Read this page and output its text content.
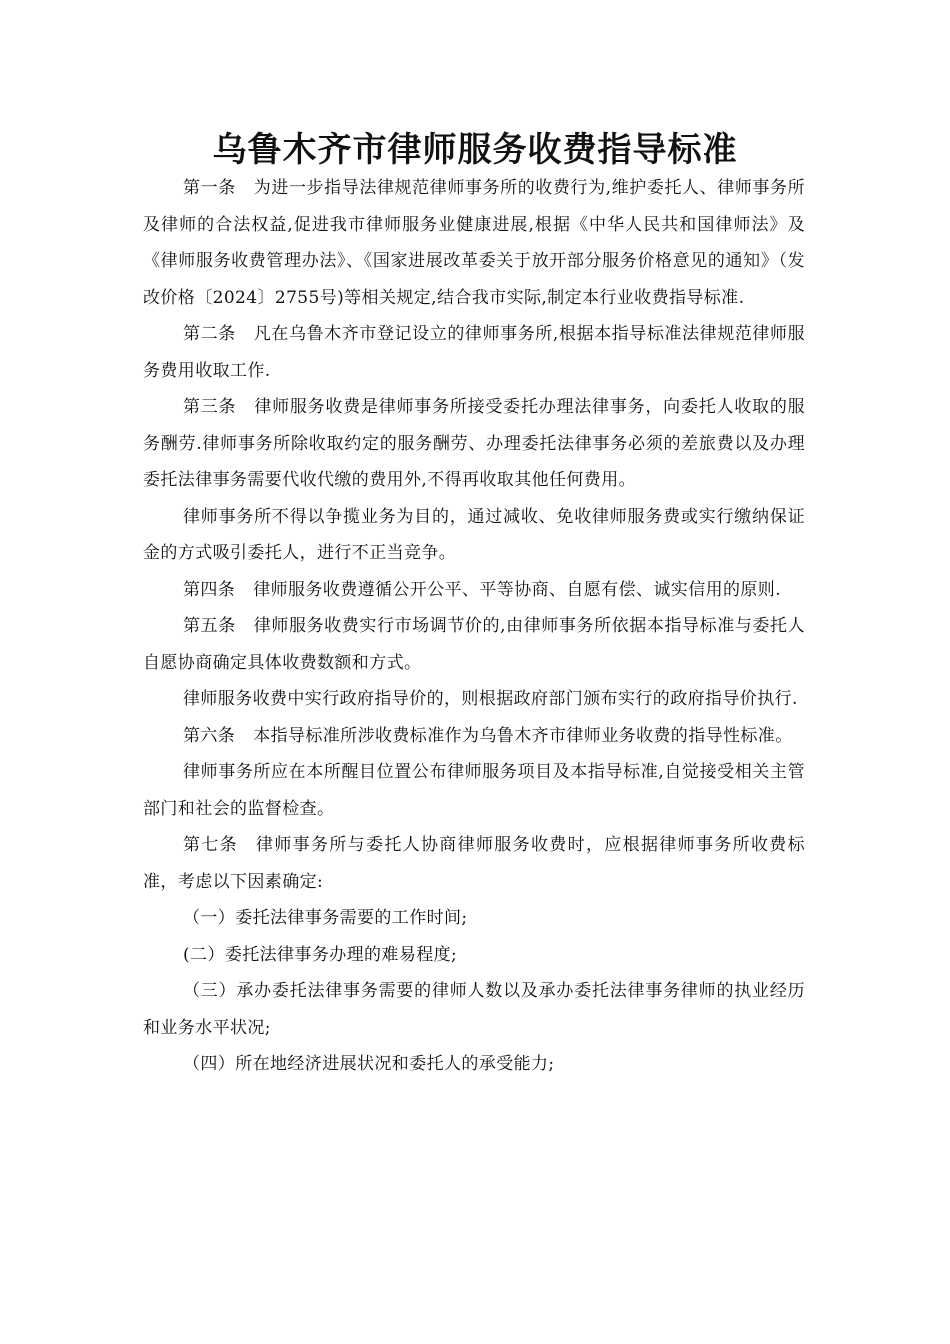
乌鲁木齐市律师服务收费指导标准

第一条 为进一步指导法律规范律师事务所的收费行为,维护委托人、律师事务所及律师的合法权益,促进我市律师服务业健康进展,根据《中华人民共和国律师法》及《律师服务收费管理办法》、《国家进展改革委关于放开部分服务价格意见的通知》（发改价格〔2024〕2755号)等相关规定,结合我市实际,制定本行业收费指导标准.

第二条 凡在乌鲁木齐市登记设立的律师事务所,根据本指导标准法律规范律师服务费用收取工作.

第三条 律师服务收费是律师事务所接受委托办理法律事务，向委托人收取的服务酬劳.律师事务所除收取约定的服务酬劳、办理委托法律事务必须的差旅费以及办理委托法律事务需要代收代缴的费用外,不得再收取其他任何费用。

律师事务所不得以争揽业务为目的，通过减收、免收律师服务费或实行缴纳保证金的方式吸引委托人，进行不正当竞争。

第四条 律师服务收费遵循公开公平、平等协商、自愿有偿、诚实信用的原则.

第五条 律师服务收费实行市场调节价的,由律师事务所依据本指导标准与委托人自愿协商确定具体收费数额和方式。

律师服务收费中实行政府指导价的，则根据政府部门颁布实行的政府指导价执行.

第六条 本指导标准所涉收费标准作为乌鲁木齐市律师业务收费的指导性标准。

律师事务所应在本所醒目位置公布律师服务项目及本指导标准,自觉接受相关主管部门和社会的监督检查。

第七条 律师事务所与委托人协商律师服务收费时，应根据律师事务所收费标准，考虑以下因素确定:

（一）委托法律事务需要的工作时间;

(二）委托法律事务办理的难易程度;

（三）承办委托法律事务需要的律师人数以及承办委托法律事务律师的执业经历和业务水平状况;

（四）所在地经济进展状况和委托人的承受能力;
